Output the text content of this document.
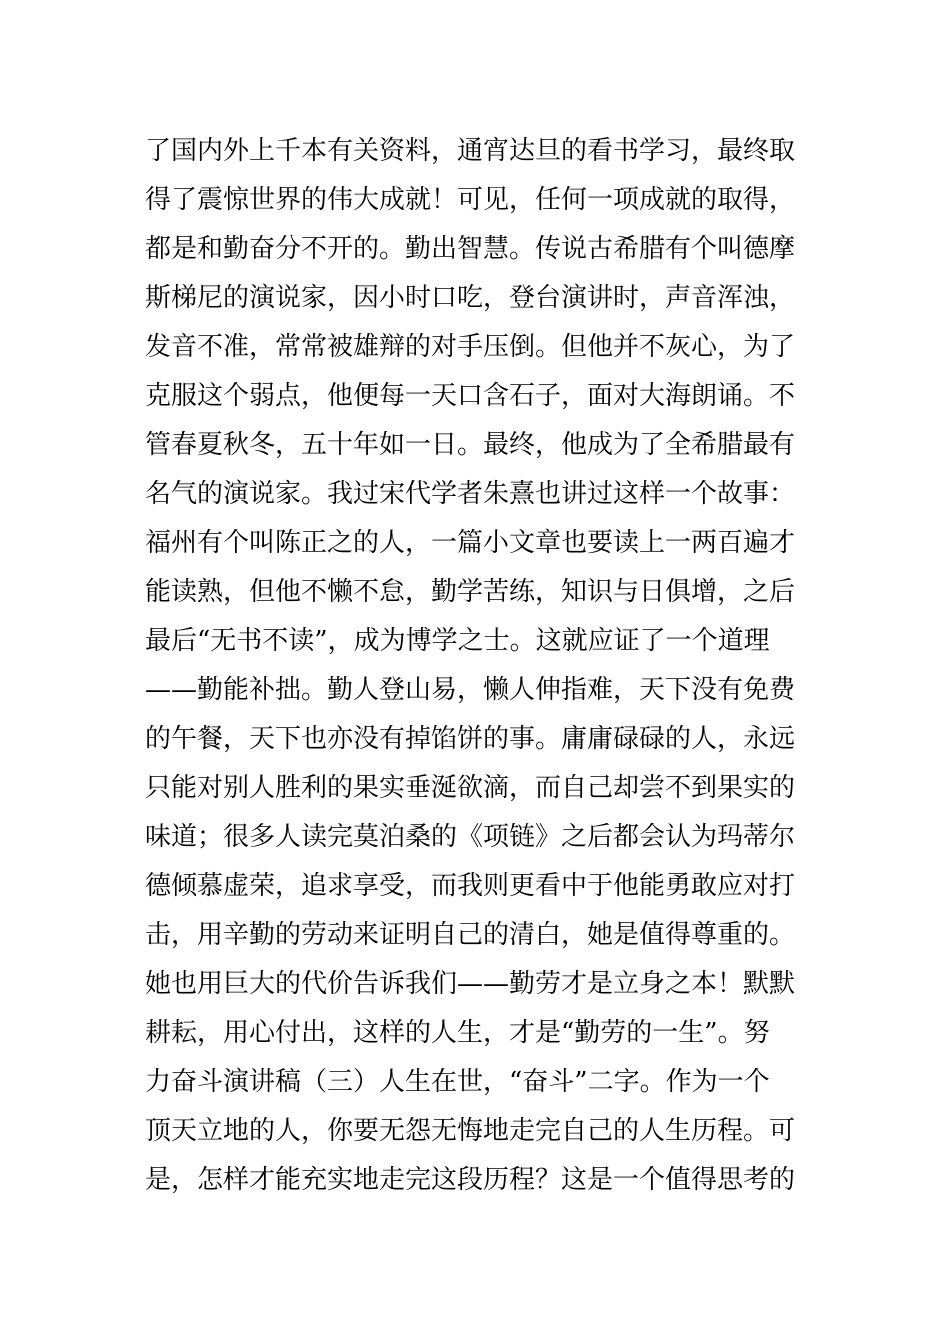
了国内外上千本有关资料，通宵达旦的看书学习，最终取
得了震惊世界的伟大成就！可见，任何一项成就的取得，
都是和勤奋分不开的。勤出智慧。传说古希腊有个叫德摩
斯梯尼的演说家，因小时口吃，登台演讲时，声音浑浊，
发音不准，常常被雄辩的对手压倒。但他并不灰心，为了
克服这个弱点，他便每一天口含石子，面对大海朗诵。不
管春夏秋冬，五十年如一日。最终，他成为了全希腊最有
名气的演说家。我过宋代学者朱熹也讲过这样一个故事：
福州有个叫陈正之的人，一篇小文章也要读上一两百遍才
能读熟，但他不懒不怠，勤学苦练，知识与日俱增，之后
最后“无书不读”，成为博学之士。这就应证了一个道理
——勤能补拙。勤人登山易，懒人伸指难，天下没有免费
的午餐，天下也亦没有掉馅饼的事。庸庸碌碌的人，永远
只能对别人胜利的果实垂涎欲滴，而自己却尝不到果实的
味道；很多人读完莫泊桑的《项链》之后都会认为玛蒂尔
德倾慕虚荣，追求享受，而我则更看中于他能勇敢应对打
击，用辛勤的劳动来证明自己的清白，她是值得尊重的。
她也用巨大的代价告诉我们——勤劳才是立身之本！默默
耕耘，用心付出，这样的人生，才是“勤劳的一生”。努
力奋斗演讲稿（三）人生在世，“奋斗”二字。作为一个
顶天立地的人，你要无怨无悔地走完自己的人生历程。可
是，怎样才能充实地走完这段历程？这是一个值得思考的
